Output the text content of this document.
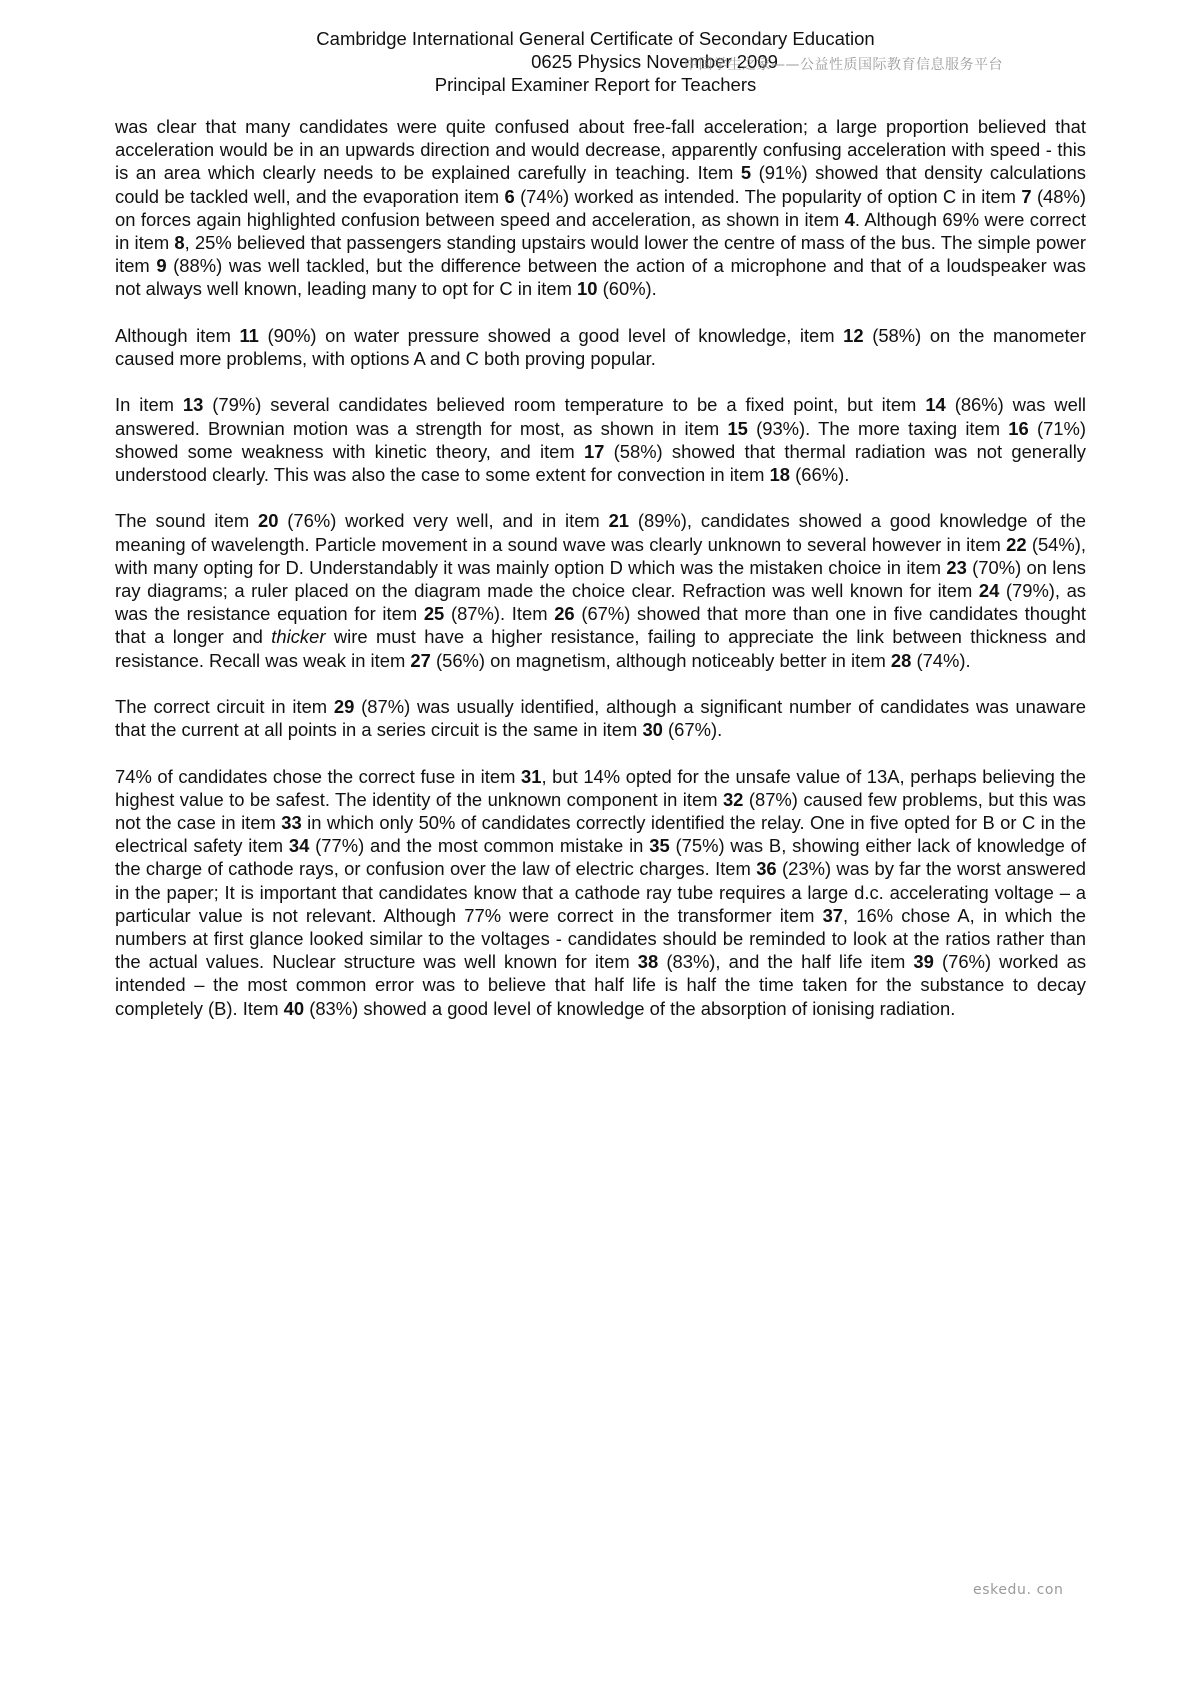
Cambridge International General Certificate of Secondary Education
0625 Physics November 2009
Principal Examiner Report for Teachers
中国学生之家——公益性质国际教育信息服务平台

was clear that many candidates were quite confused about free-fall acceleration; a large proportion believed that acceleration would be in an upwards direction and would decrease, apparently confusing acceleration with speed - this is an area which clearly needs to be explained carefully in teaching. Item 5 (91%) showed that density calculations could be tackled well, and the evaporation item 6 (74%) worked as intended. The popularity of option C in item 7 (48%) on forces again highlighted confusion between speed and acceleration, as shown in item 4. Although 69% were correct in item 8, 25% believed that passengers standing upstairs would lower the centre of mass of the bus. The simple power item 9 (88%) was well tackled, but the difference between the action of a microphone and that of a loudspeaker was not always well known, leading many to opt for C in item 10 (60%).

Although item 11 (90%) on water pressure showed a good level of knowledge, item 12 (58%) on the manometer caused more problems, with options A and C both proving popular.

In item 13 (79%) several candidates believed room temperature to be a fixed point, but item 14 (86%) was well answered. Brownian motion was a strength for most, as shown in item 15 (93%). The more taxing item 16 (71%) showed some weakness with kinetic theory, and item 17 (58%) showed that thermal radiation was not generally understood clearly. This was also the case to some extent for convection in item 18 (66%).

The sound item 20 (76%) worked very well, and in item 21 (89%), candidates showed a good knowledge of the meaning of wavelength. Particle movement in a sound wave was clearly unknown to several however in item 22 (54%), with many opting for D. Understandably it was mainly option D which was the mistaken choice in item 23 (70%) on lens ray diagrams; a ruler placed on the diagram made the choice clear. Refraction was well known for item 24 (79%), as was the resistance equation for item 25 (87%). Item 26 (67%) showed that more than one in five candidates thought that a longer and thicker wire must have a higher resistance, failing to appreciate the link between thickness and resistance. Recall was weak in item 27 (56%) on magnetism, although noticeably better in item 28 (74%).

The correct circuit in item 29 (87%) was usually identified, although a significant number of candidates was unaware that the current at all points in a series circuit is the same in item 30 (67%).

74% of candidates chose the correct fuse in item 31, but 14% opted for the unsafe value of 13A, perhaps believing the highest value to be safest. The identity of the unknown component in item 32 (87%) caused few problems, but this was not the case in item 33 in which only 50% of candidates correctly identified the relay. One in five opted for B or C in the electrical safety item 34 (77%) and the most common mistake in 35 (75%) was B, showing either lack of knowledge of the charge of cathode rays, or confusion over the law of electric charges. Item 36 (23%) was by far the worst answered in the paper; It is important that candidates know that a cathode ray tube requires a large d.c. accelerating voltage – a particular value is not relevant. Although 77% were correct in the transformer item 37, 16% chose A, in which the numbers at first glance looked similar to the voltages - candidates should be reminded to look at the ratios rather than the actual values. Nuclear structure was well known for item 38 (83%), and the half life item 39 (76%) worked as intended – the most common error was to believe that half life is half the time taken for the substance to decay completely (B). Item 40 (83%) showed a good level of knowledge of the absorption of ionising radiation.

eskedu. con
